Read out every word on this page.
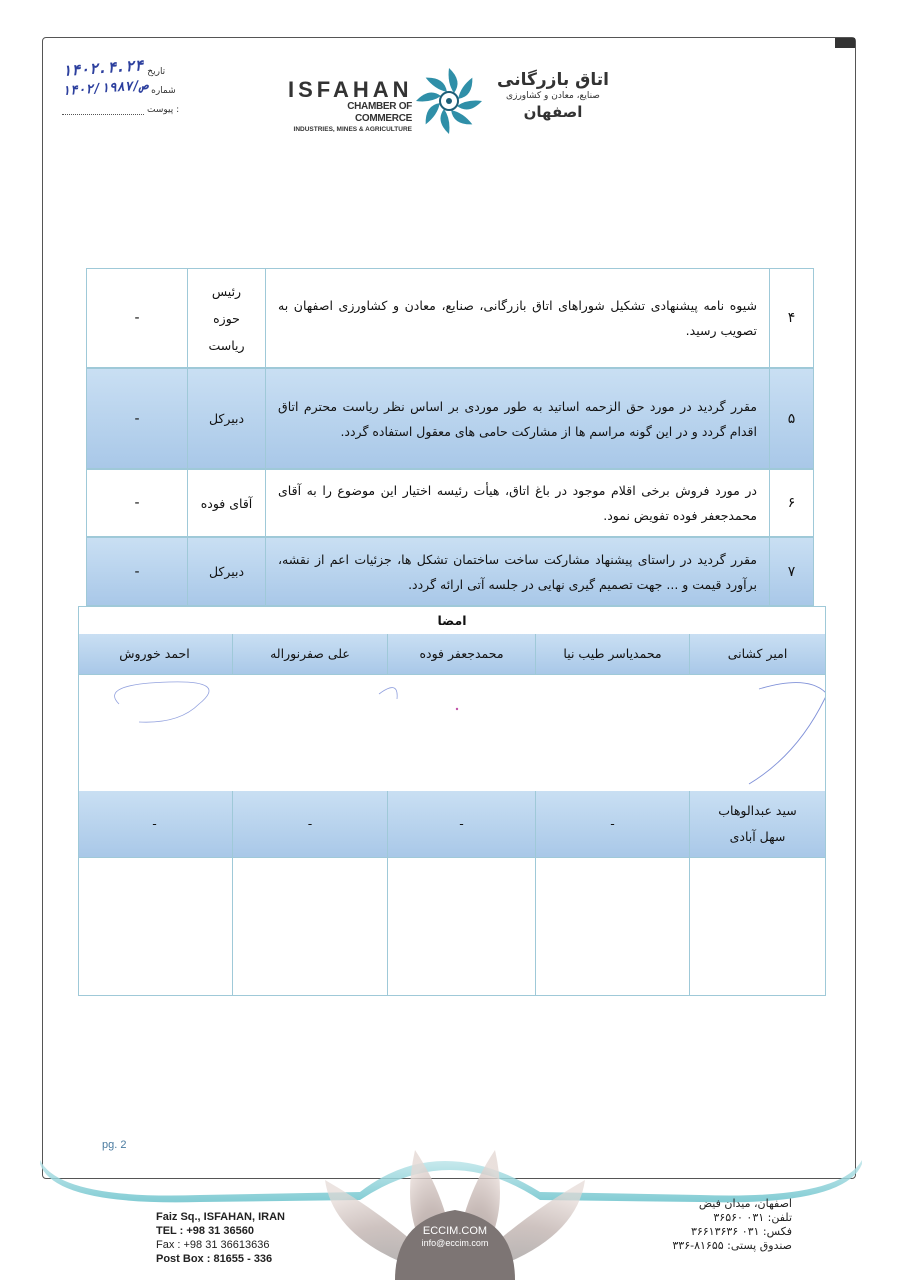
۱۴۰۲.۴.۲۴ تاریخ
۱۴۰۲/ص/۱۹۸۷ شماره
پیوست :
ISFAHAN
CHAMBER OF COMMERCE
INDUSTRIES, MINES & AGRICULTURE
اتاق بازرگانی
صنایع، معادن و کشاورزی
اصفهان
۴
شیوه نامه پیشنهادی تشکیل شوراهای اتاق بازرگانی، صنایع، معادن و کشاورزی اصفهان به تصویب رسید.
رئیس حوزه ریاست
-
۵
مقرر گردید در مورد حق الزحمه اساتید به طور موردی بر اساس نظر ریاست محترم اتاق اقدام گردد و در این گونه مراسم ها از مشارکت حامی های معقول استفاده گردد.
دبیرکل
-
۶
در مورد فروش برخی اقلام موجود در باغ اتاق، هیأت رئیسه اختیار این موضوع را به آقای محمدجعفر فوده تفویض نمود.
آقای فوده
-
۷
مقرر گردید در راستای پیشنهاد مشارکت ساخت ساختمان تشکل ها، جزئیات اعم از نقشه، برآورد قیمت و ... جهت تصمیم گیری نهایی در جلسه آتی ارائه گردد.
دبیرکل
-
امضا
امیر کشانی
محمدیاسر طیب نیا
محمدجعفر فوده
علی صفرنوراله
احمد خوروش
سید عبدالوهاب سهل آبادی
-
-
-
-
pg. 2
Faiz Sq., ISFAHAN, IRAN
TEL : +98 31 36560
Fax : +98 31 36613636
Post Box : 81655 - 336
ECCIM.COM
info@eccim.com
اصفهان، میدان فیض
تلفن: ۰۳۱ ۳۶۵۶۰
فکس: ۰۳۱ ۳۶۶۱۳۶۳۶
صندوق پستی: ۸۱۶۵۵-۳۳۶
